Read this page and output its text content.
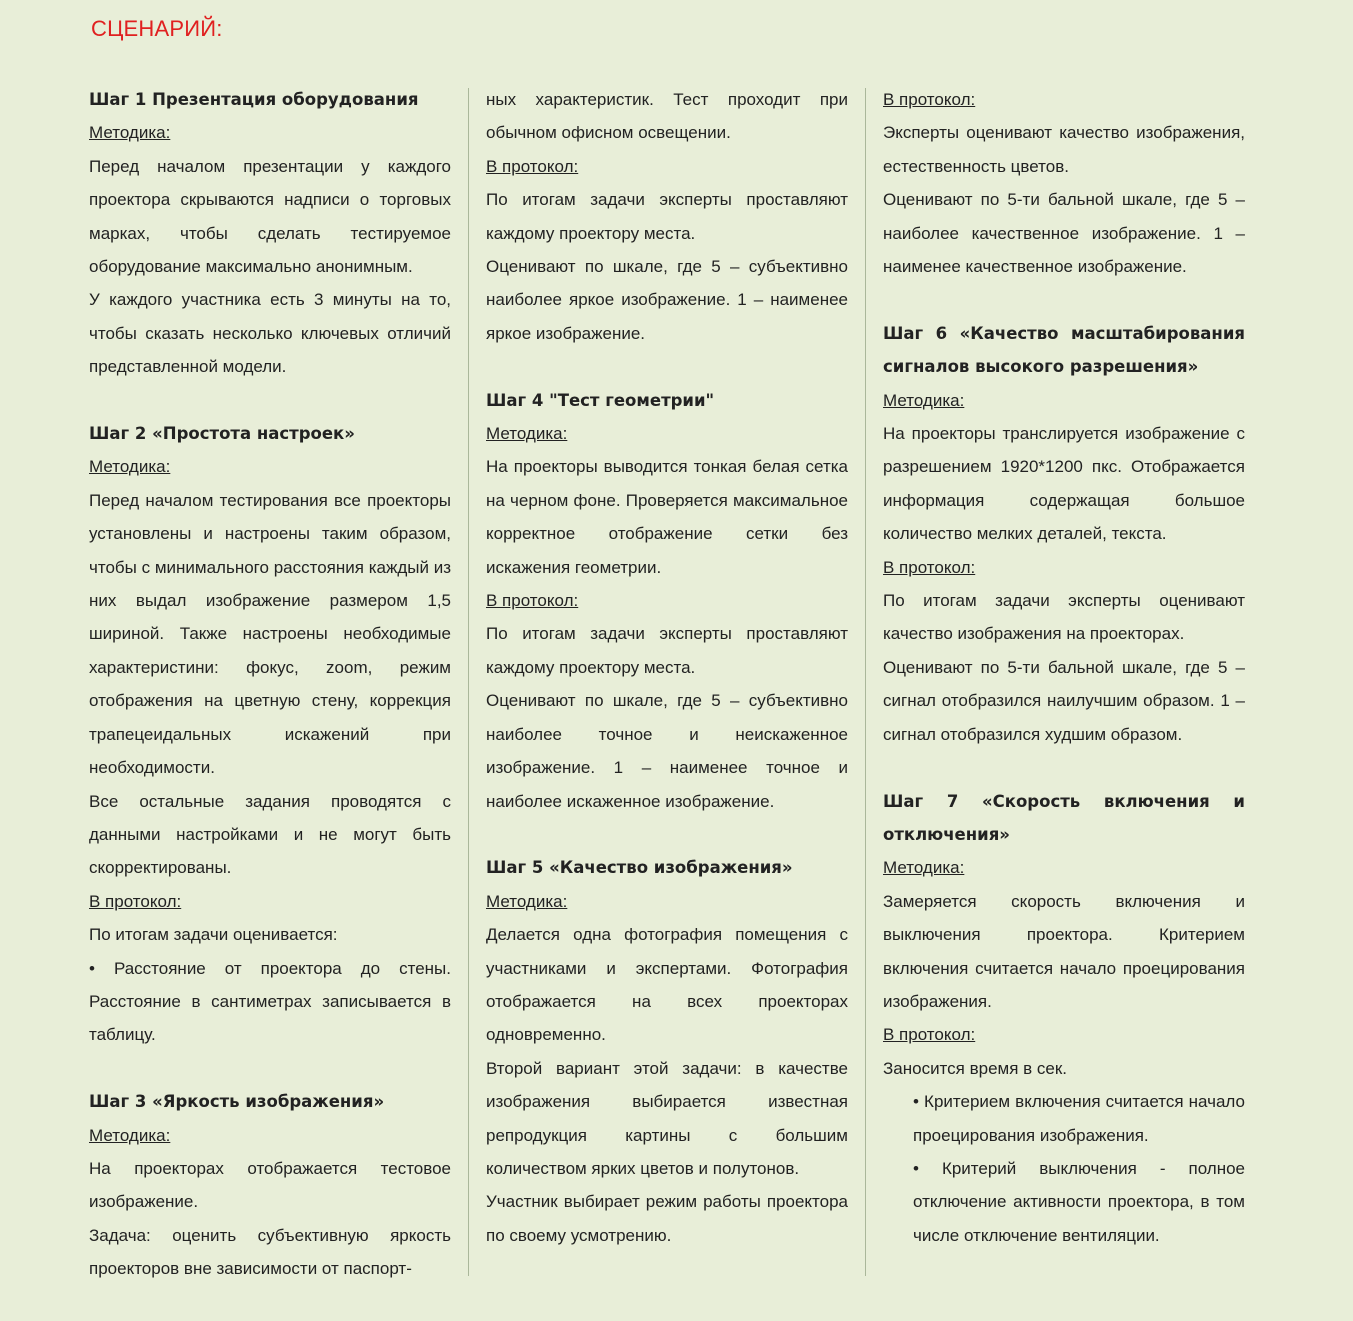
СЦЕНАРИЙ:

Шаг 1 Презентация оборудования

Методика:

Перед началом презентации у каждого проектора скрываются надписи о торговых марках, чтобы сделать тестируемое оборудование максимально анонимным.

У каждого участника есть 3 минуты на то, чтобы сказать несколько ключевых отличий представленной модели.

Шаг 2 «Простота настроек»

Методика:

Перед началом тестирования все проекторы установлены и настроены таким образом, чтобы с минимального расстояния каждый из них выдал изображение размером 1,5 шириной. Также настроены необходимые характеристини: фокус, zoom, режим отображения на цветную стену, коррекция трапецеидальных искажений при необходимости.

Все остальные задания проводятся с данными настройками и не могут быть скорректированы.

В протокол:

По итогам задачи оценивается:

• Расстояние от проектора до стены. Расстояние в сантиметрах записывается в таблицу.

Шаг 3 «Яркость изображения»

Методика:

На проекторах отображается тестовое изображение.

Задача: оценить субъективную яркость проекторов вне зависимости от паспорт-

ных характеристик. Тест проходит при обычном офисном освещении.

В протокол:

По итогам задачи эксперты проставляют каждому проектору места.

Оценивают по шкале, где 5 – субъективно наиболее яркое изображение. 1 – наименее яркое изображение.

Шаг 4 "Тест геометрии"

Методика:

На проекторы выводится тонкая белая сетка на черном фоне. Проверяется максимальное корректное отображение сетки без искажения геометрии.

В протокол:

По итогам задачи эксперты проставляют каждому проектору места.

Оценивают по шкале, где 5 – субъективно наиболее точное и неискаженное изображение. 1 – наименее точное и наиболее искаженное изображение.

Шаг 5 «Качество изображения»

Методика:

Делается одна фотография помещения с участниками и экспертами. Фотография отображается на всех проекторах одновременно.

Второй вариант этой задачи: в качестве изображения выбирается известная репродукция картины с большим количеством ярких цветов и полутонов.

Участник выбирает режим работы проектора по своему усмотрению.

В протокол:

Эксперты оценивают качество изображения, естественность цветов.

Оценивают по 5-ти бальной шкале, где 5 – наиболее качественное изображение. 1 – наименее качественное изображение.

Шаг 6 «Качество масштабирования сигналов высокого разрешения»

Методика:

На проекторы транслируется изображение с разрешением 1920*1200 пкс. Отображается информация содержащая большое количество мелких деталей, текста.

В протокол:

По итогам задачи эксперты оценивают качество изображения на проекторах.

Оценивают по 5-ти бальной шкале, где 5 – сигнал отобразился наилучшим образом. 1 – сигнал отобразился худшим образом.

Шаг 7 «Скорость включения и отключения»

Методика:

Замеряется скорость включения и выключения проектора. Критерием включения считается начало проецирования изображения.

В протокол:

Заносится время в сек.

• Критерием включения считается начало проецирования изображения.

• Критерий выключения - полное отключение активности проектора, в том числе отключение вентиляции.
